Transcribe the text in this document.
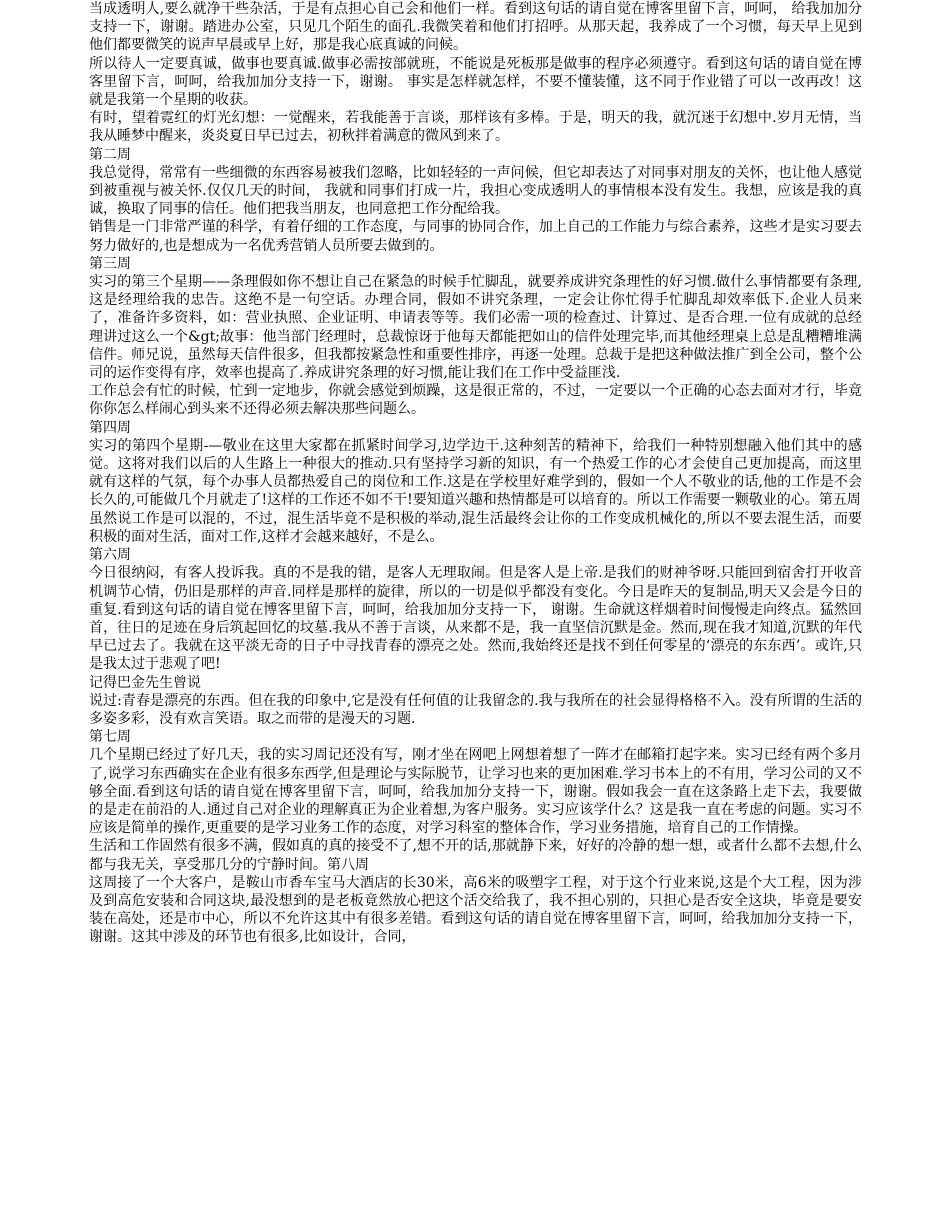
当成透明人,要么就净干些杂活，于是有点担心自己会和他们一样。看到这句话的请自觉在博客里留下言，呵呵， 给我加加分支持一下，谢谢。踏进办公室，只见几个陌生的面孔.我微笑着和他们打招呼。从那天起，我养成了一个习惯，每天早上见到他们都要微笑的说声早晨或早上好，那是我心底真诚的问候。

所以待人一定要真诚，做事也要真诚.做事必需按部就班，不能说是死板那是做事的程序必须遵守。看到这句话的请自觉在博客里留下言，呵呵，给我加加分支持一下，谢谢。 事实是怎样就怎样，不要不懂装懂，这不同于作业错了可以一改再改！这就是我第一个星期的收获。

有时，望着霓红的灯光幻想：一觉醒来，若我能善于言谈，那样该有多棒。于是，明天的我，就沉迷于幻想中.岁月无情，当我从睡梦中醒来，炎炎夏日早已过去，初秋拌着满意的微风到来了。

第二周

我总觉得，常常有一些细微的东西容易被我们忽略，比如轻轻的一声问候，但它却表达了对同事对朋友的关怀，也让他人感觉到被重视与被关怀.仅仅几天的时间， 我就和同事们打成一片，我担心变成透明人的事情根本没有发生。我想，应该是我的真诚，换取了同事的信任。他们把我当朋友，也同意把工作分配给我。

销售是一门非常严谨的科学，有着仔细的工作态度，与同事的协同合作，加上自己的工作能力与综合素养，这些才是实习要去努力做好的,也是想成为一名优秀营销人员所要去做到的。

第三周

实习的第三个星期——条理假如你不想让自己在紧急的时候手忙脚乱，就要养成讲究条理性的好习惯.做什么事情都要有条理,这是经理给我的忠告。这绝不是一句空话。办理合同，假如不讲究条理，一定会让你忙得手忙脚乱却效率低下.企业人员来了，准备许多资料，如：营业执照、企业证明、申请表等等。我们必需一项的检查过、计算过、是否合理.一位有成就的总经理讲过这么一个&gt;故事：他当部门经理时，总裁惊讶于他每天都能把如山的信件处理完毕,而其他经理桌上总是乱糟糟堆满信件。师兄说，虽然每天信件很多，但我都按紧急性和重要性排序，再逐一处理。总裁于是把这种做法推广到全公司，整个公司的运作变得有序，效率也提高了.养成讲究条理的好习惯,能让我们在工作中受益匪浅.

工作总会有忙的时候，忙到一定地步，你就会感觉到烦躁，这是很正常的，不过，一定要以一个正确的心态去面对才行，毕竟你你怎么样闹心到头来不还得必须去解决那些问题么。

第四周

实习的第四个星期-—敬业在这里大家都在抓紧时间学习,边学边干.这种刻苦的精神下，给我们一种特别想融入他们其中的感觉。这将对我们以后的人生路上一种很大的推动.只有坚持学习新的知识，有一个热爱工作的心才会使自己更加提高，而这里就有这样的气氛，每个办事人员都热爱自己的岗位和工作.这是在学校里好难学到的，假如一个人不敬业的话,他的工作是不会长久的,可能做几个月就走了!这样的工作还不如不干!要知道兴趣和热情都是可以培育的。所以工作需要一颗敬业的心。第五周

虽然说工作是可以混的，不过，混生活毕竟不是积极的举动,混生活最终会让你的工作变成机械化的,所以不要去混生活，而要积极的面对生活，面对工作,这样才会越来越好，不是么。

第六周

今日很纳闷，有客人投诉我。真的不是我的错，是客人无理取闹。但是客人是上帝.是我们的财神爷呀.只能回到宿舍打开收音机调节心情，仍旧是那样的声音.同样是那样的旋律，所以的一切是似乎都没有变化。今日是昨天的复制品,明天又会是今日的重复.看到这句话的请自觉在博客里留下言，呵呵，给我加加分支持一下， 谢谢。生命就这样烟着时间慢慢走向终点。猛然回首，往日的足迹在身后筑起回忆的坟墓.我从不善于言谈，从来都不是，我一直坚信沉默是金。然而,现在我才知道,沉默的年代早已过去了。我就在这平淡无奇的日子中寻找青春的漂亮之处。然而,我始终还是找不到任何零星的‘漂亮的东东西’。或许,只是我太过于悲观了吧!

记得巴金先生曾说

说过:青春是漂亮的东西。但在我的印象中,它是没有任何值的让我留念的.我与我所在的社会显得格格不入。没有所谓的生活的多姿多彩，没有欢言笑语。取之而带的是漫天的习题.

第七周

几个星期已经过了好几天，我的实习周记还没有写，刚才坐在网吧上网想着想了一阵才在邮箱打起字来。实习已经有两个多月了,说学习东西确实在企业有很多东西学,但是理论与实际脱节，让学习也来的更加困难.学习书本上的不有用，学习公司的又不够全面.看到这句话的请自觉在博客里留下言，呵呵，给我加加分支持一下，谢谢。假如我会一直在这条路上走下去，我要做的是走在前沿的人.通过自己对企业的理解真正为企业着想,为客户服务。实习应该学什么？这是我一直在考虑的问题。实习不应该是简单的操作,更重要的是学习业务工作的态度，对学习科室的整体合作，学习业务措施，培育自己的工作情操。

生活和工作固然有很多不满，假如真的真的接受不了,想不开的话,那就静下来，好好的冷静的想一想，或者什么都不去想,什么都与我无关，享受那几分的宁静时间。第八周

这周接了一个大客户，是鞍山市香车宝马大酒店的长30米，高6米的吸塑字工程，对于这个行业来说,这是个大工程，因为涉及到高危安装和合同这块,最没想到的是老板竟然放心把这个活交给我了，我不担心别的，只担心是否安全这块，毕竟是要安装在高处，还是市中心，所以不允许这其中有很多差错。看到这句话的请自觉在博客里留下言，呵呵，给我加加分支持一下，谢谢。这其中涉及的环节也有很多,比如设计，合同，
